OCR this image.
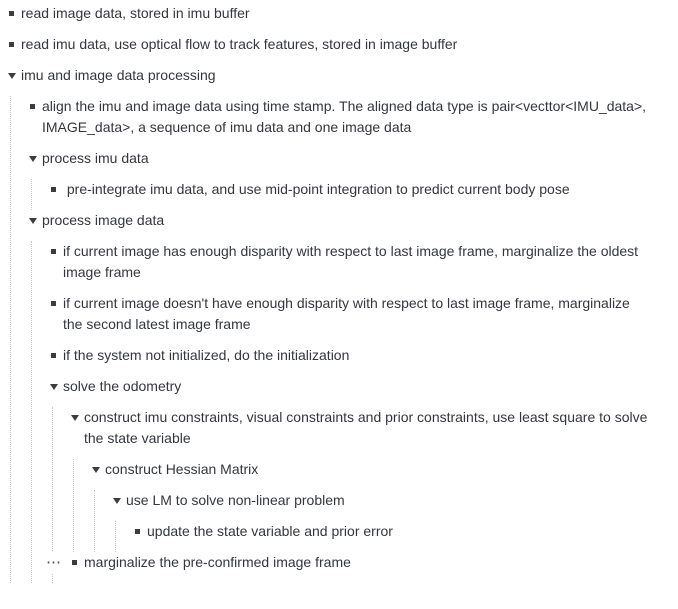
read image data, stored in imu buffer
read imu data, use optical flow to track features, stored in image buffer
imu and image data processing
align the imu and image data using time stamp. The aligned data type is pair<vecttor<IMU_data>, IMAGE_data>, a sequence of imu data and one image data
process imu data
pre-integrate imu data, and use mid-point integration to predict current body pose
process image data
if current image has enough disparity with respect to last image frame, marginalize the oldest image frame
if current image doesn't have enough disparity with respect to last image frame, marginalize the second latest image frame
if the system not initialized, do the initialization
solve the odometry
construct imu constraints, visual constraints and prior constraints, use least square to solve the state variable
construct Hessian Matrix
use LM to solve non-linear problem
update the state variable and prior error
⋯ marginalize the pre-confirmed image frame
